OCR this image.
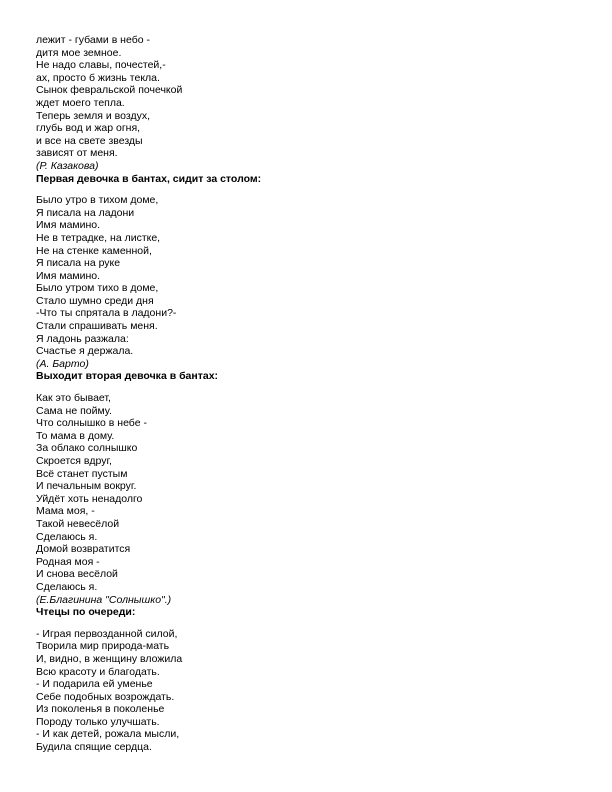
лежит - губами в небо -
дитя мое земное.
Не надо славы, почестей,-
ах, просто б жизнь текла.
Сынок февральской почечкой
ждет моего тепла.
Теперь земля и воздух,
глубь вод и жар огня,
и все на свете звезды
зависят от меня.
(Р. Казакова)
Первая девочка в бантах, сидит за столом:
Было утро в тихом доме,
Я писала на ладони
Имя мамино.
Не в тетрадке, на листке,
Не на стенке каменной,
Я писала на руке
Имя мамино.
Было утром тихо в доме,
Стало шумно среди дня
-Что ты спрятала в ладони?-
Стали спрашивать меня.
Я ладонь разжала:
Счастье я держала.
(А. Барто)
Выходит вторая девочка в бантах:
Как это бывает,
Сама не пойму.
Что солнышко в небе -
То мама в дому.
За облако солнышко
Скроется вдруг,
Всё станет пустым
И печальным вокруг.
Уйдёт хоть ненадолго
Мама моя, -
Такой невесёлой
Сделаюсь я.
Домой возвратится
Родная моя -
И снова весёлой
Сделаюсь я.
(Е.Благинина "Солнышко".)
Чтецы по очереди:
- Играя первозданной силой,
Творила мир природа-мать
И, видно, в женщину вложила
Всю красоту и благодать.
- И подарила ей уменье
Себе подобных возрождать.
Из поколенья в поколенье
Породу только улучшать.
- И как детей, рожала мысли,
Будила спящие сердца.
